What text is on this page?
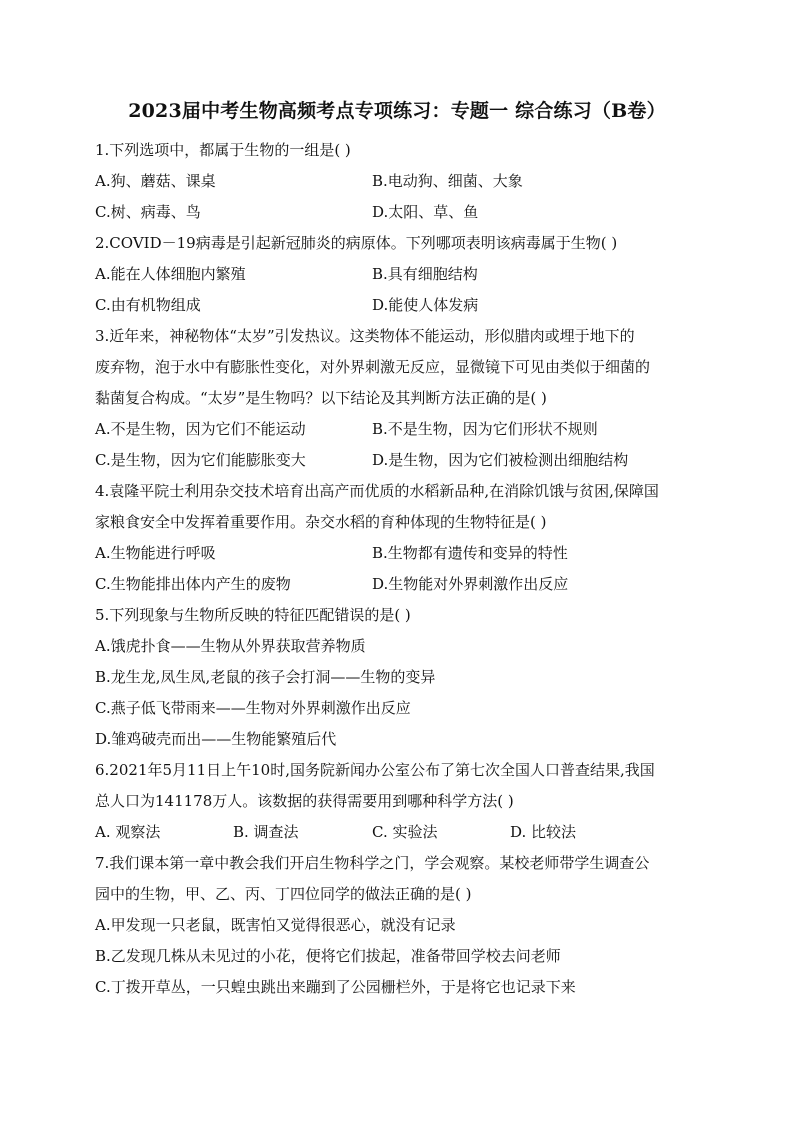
2023届中考生物高频考点专项练习：专题一 综合练习（B卷）
1.下列选项中，都属于生物的一组是( )
A.狗、蘑菇、课桌	B.电动狗、细菌、大象
C.树、病毒、鸟	D.太阳、草、鱼
2.COVID－19病毒是引起新冠肺炎的病原体。下列哪项表明该病毒属于生物( )
A.能在人体细胞内繁殖	B.具有细胞结构
C.由有机物组成	D.能使人体发病
3.近年来，神秘物体“太岁”引发热议。这类物体不能运动，形似腊肉或埋于地下的
废弃物，泡于水中有膨胀性变化，对外界刺激无反应，显微镜下可见由类似于细菌的
黏菌复合构成。“太岁”是生物吗？以下结论及其判断方法正确的是( )
A.不是生物，因为它们不能运动	B.不是生物，因为它们形状不规则
C.是生物，因为它们能膨胀变大	D.是生物，因为它们被检测出细胞结构
4.袁隆平院士利用杂交技术培育出高产而优质的水稻新品种,在消除饥饿与贫困,保障国
家粮食安全中发挥着重要作用。杂交水稻的育种体现的生物特征是( )
A.生物能进行呼吸	B.生物都有遗传和变异的特性
C.生物能排出体内产生的废物	D.生物能对外界刺激作出反应
5.下列现象与生物所反映的特征匹配错误的是( )
A.饿虎扑食——生物从外界获取营养物质
B.龙生龙,凤生凤,老鼠的孩子会打洞——生物的变异
C.燕子低飞带雨来——生物对外界刺激作出反应
D.雏鸡破壳而出——生物能繁殖后代
6.2021年5月11日上午10时,国务院新闻办公室公布了第七次全国人口普查结果,我国
总人口为141178万人。该数据的获得需要用到哪种科学方法( )
A. 观察法	B. 调查法	C. 实验法	D. 比较法
7.我们课本第一章中教会我们开启生物科学之门，学会观察。某校老师带学生调查公
园中的生物，甲、乙、丙、丁四位同学的做法正确的是( )
A.甲发现一只老鼠，既害怕又觉得很恶心，就没有记录
B.乙发现几株从未见过的小花，便将它们拔起，准备带回学校去问老师
C.丁拨开草丛，一只蝗虫跳出来蹦到了公园栅栏外，于是将它也记录下来
